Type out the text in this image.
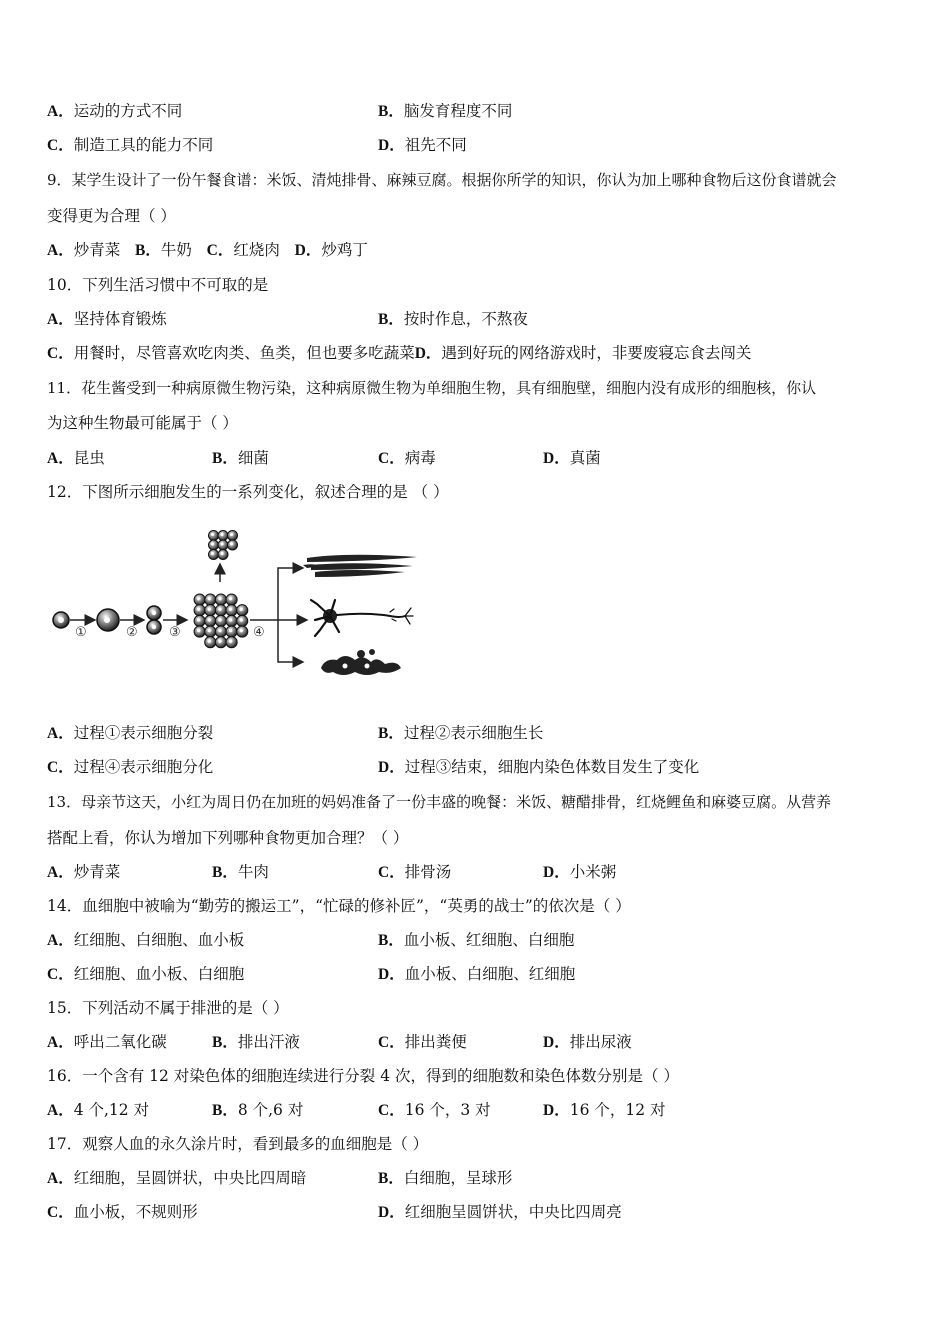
A．运动的方式不同	B．脑发育程度不同
C．制造工具的能力不同	D．祖先不同
9．某学生设计了一份午餐食谱：米饭、清炖排骨、麻辣豆腐。根据你所学的知识，你认为加上哪种食物后这份食谱就会
变得更为合理（ ）
A．炒青菜 B．牛奶 C．红烧肉 D．炒鸡丁
10．下列生活习惯中不可取的是
A．坚持体育锻炼	B．按时作息，不熬夜
C．用餐时，尽管喜欢吃肉类、鱼类，但也要多吃蔬菜D．遇到好玩的网络游戏时，非要废寝忘食去闯关
11．花生酱受到一种病原微生物污染，这种病原微生物为单细胞生物，具有细胞壁，细胞内没有成形的细胞核，你认
为这种生物最可能属于（ ）
A．昆虫	B．细菌	C．病毒	D．真菌
12．下图所示细胞发生的一系列变化，叙述合理的是 （ ）
①	② ③	④
A．过程①表示细胞分裂	B．过程②表示细胞生长
C．过程④表示细胞分化	D．过程③结束，细胞内染色体数目发生了变化
13．母亲节这天，小红为周日仍在加班的妈妈准备了一份丰盛的晚餐：米饭、糖醋排骨，红烧鲤鱼和麻婆豆腐。从营养
搭配上看，你认为增加下列哪种食物更加合理？（ ）
A．炒青菜	B．牛肉	C．排骨汤	D．小米粥
14．血细胞中被喻为“勤劳的搬运工”，“忙碌的修补匠”，“英勇的战士”的依次是（ ）
A．红细胞、白细胞、血小板	B．血小板、红细胞、白细胞
C．红细胞、血小板、白细胞	D．血小板、白细胞、红细胞
15．下列活动不属于排泄的是（ ）
A．呼出二氧化碳	B．排出汗液	C．排出粪便	D．排出尿液
16．一个含有 12 对染色体的细胞连续进行分裂 4 次，得到的细胞数和染色体数分别是（ ）
A．4 个,12 对	B．8 个,6 对	C．16 个，3 对	D．16 个，12 对
17．观察人血的永久涂片时，看到最多的血细胞是（ ）
A．红细胞，呈圆饼状，中央比四周暗	B．白细胞，呈球形
C．血小板，不规则形	D．红细胞呈圆饼状，中央比四周亮
